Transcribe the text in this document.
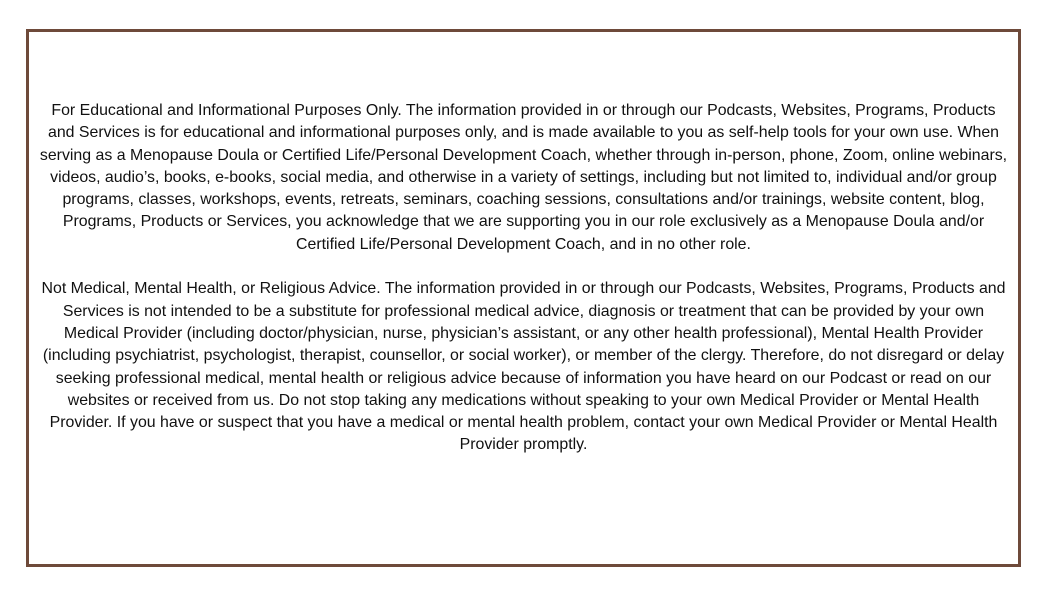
For Educational and Informational Purposes Only. The information provided in or through our Podcasts, Websites, Programs, Products and Services is for educational and informational purposes only, and is made available to you as self-help tools for your own use. When serving as a Menopause Doula or Certified Life/Personal Development Coach, whether through in-person, phone, Zoom, online webinars, videos, audio’s, books, e-books, social media, and otherwise in a variety of settings, including but not limited to, individual and/or group programs, classes, workshops, events, retreats, seminars, coaching sessions, consultations and/or trainings, website content, blog, Programs, Products or Services, you acknowledge that we are supporting you in our role exclusively as a Menopause Doula and/or Certified Life/Personal Development Coach, and in no other role.

Not Medical, Mental Health, or Religious Advice. The information provided in or through our Podcasts, Websites, Programs, Products and Services is not intended to be a substitute for professional medical advice, diagnosis or treatment that can be provided by your own Medical Provider (including doctor/physician, nurse, physician’s assistant, or any other health professional), Mental Health Provider (including psychiatrist, psychologist, therapist, counsellor, or social worker), or member of the clergy. Therefore, do not disregard or delay seeking professional medical, mental health or religious advice because of information you have heard on our Podcast or read on our websites or received from us. Do not stop taking any medications without speaking to your own Medical Provider or Mental Health Provider. If you have or suspect that you have a medical or mental health problem, contact your own Medical Provider or Mental Health Provider promptly.
